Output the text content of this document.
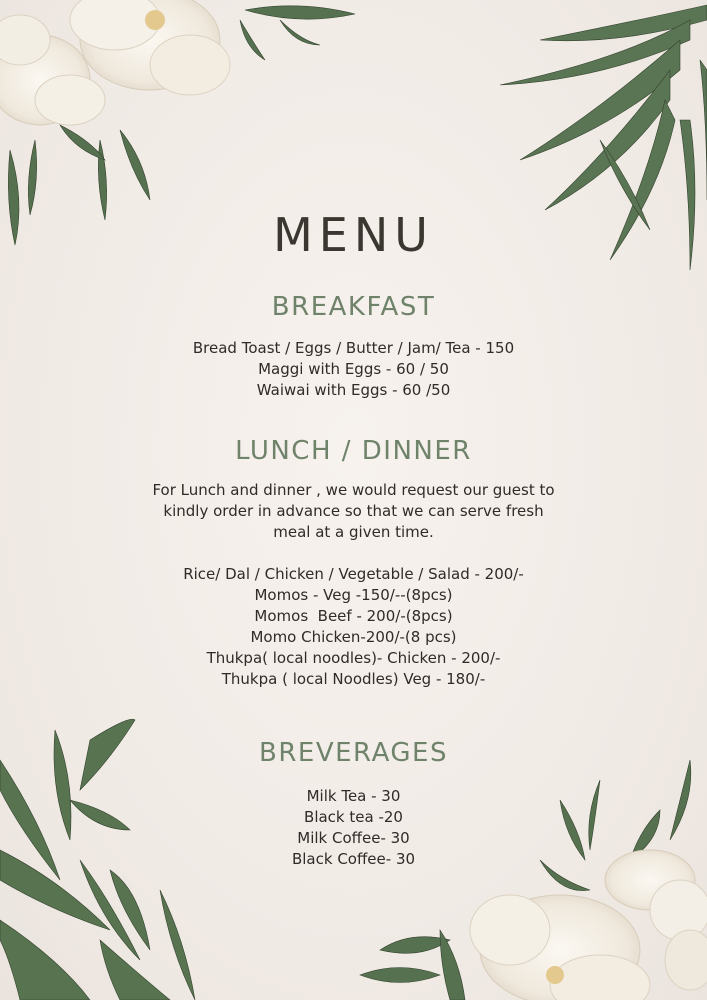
MENU
BREAKFAST
Bread Toast / Eggs / Butter / Jam/ Tea - 150
Maggi with Eggs - 60 / 50
Waiwai with Eggs - 60 /50
LUNCH / DINNER
For Lunch and dinner , we would request our guest to
kindly order in advance so that we can serve fresh
meal at a given time.
Rice/ Dal / Chicken / Vegetable / Salad - 200/-
Momos - Veg -150/--(8pcs)
Momos  Beef - 200/-(8pcs)
Momo Chicken-200/-(8 pcs)
Thukpa( local noodles)- Chicken - 200/-
Thukpa ( local Noodles) Veg - 180/-
BREVERAGES
Milk Tea - 30
Black tea -20
Milk Coffee- 30
Black Coffee- 30
